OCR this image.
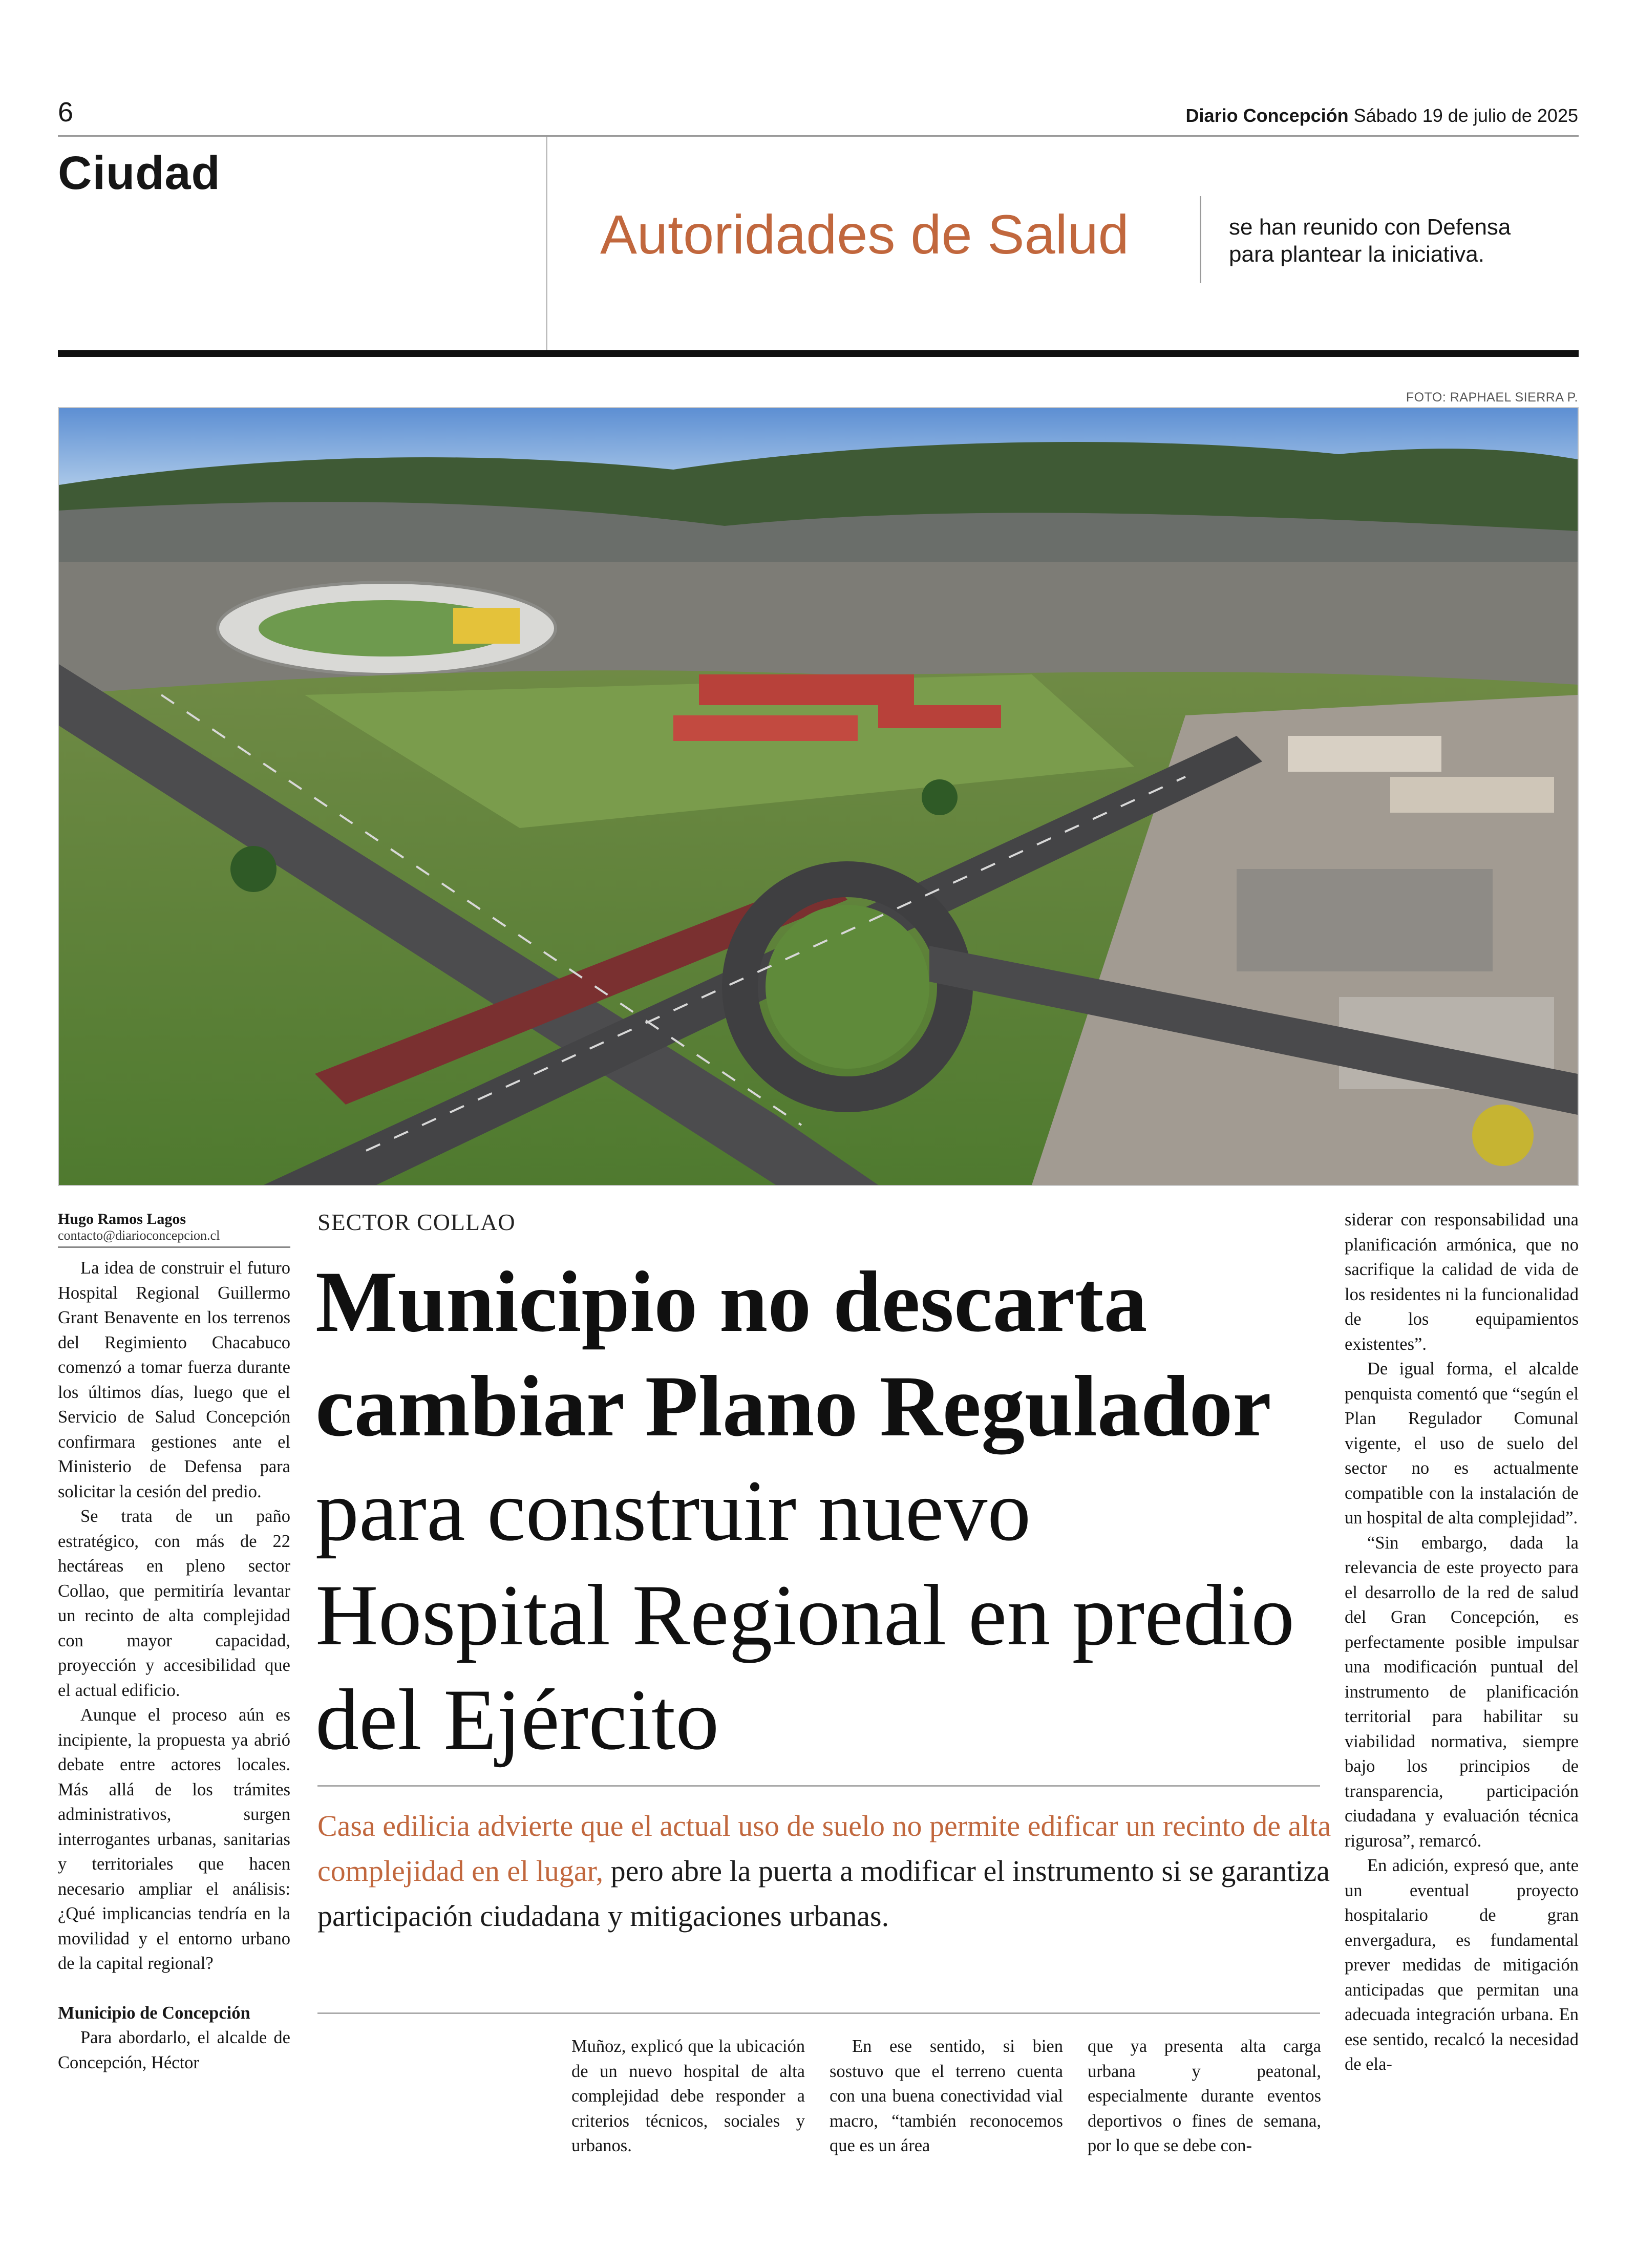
6	Diario Concepción Sábado 19 de julio de 2025
Ciudad
Autoridades de Salud	se han reunido con Defensa
para plantear la iniciativa.
FOTO: RAPHAEL SIERRA P.
Hugo Ramos Lagos
contacto@diarioconcepcion.cl

La idea de construir el futuro Hospital Regional Guillermo Grant Benavente en los terrenos del Regimiento Chacabuco comenzó a tomar fuerza durante los últimos días, luego que el Servicio de Salud Concepción confirmara gestiones ante el Ministerio de Defensa para solicitar la cesión del predio.

Se trata de un paño estratégico, con más de 22 hectáreas en pleno sector Collao, que permitiría levantar un recinto de alta complejidad con mayor capacidad, proyección y accesibilidad que el actual edificio.

Aunque el proceso aún es incipiente, la propuesta ya abrió debate entre actores locales. Más allá de los trámites administrativos, surgen interrogantes urbanas, sanitarias y territoriales que hacen necesario ampliar el análisis: ¿Qué implicancias tendría en la movilidad y el entorno urbano de la capital regional?

Municipio de Concepción

Para abordarlo, el alcalde de Concepción, Héctor

SECTOR COLLAO
Municipio no descarta cambiar Plano Regulador para construir nuevo Hospital Regional en predio del Ejército
Casa edilicia advierte que el actual uso de suelo no permite edificar un recinto de alta complejidad en el lugar, pero abre la puerta a modificar el instrumento si se garantiza participación ciudadana y mitigaciones urbanas.

Muñoz, explicó que la ubicación de un nuevo hospital de alta complejidad debe responder a criterios técnicos, sociales y urbanos.

En ese sentido, si bien sostuvo que el terreno cuenta con una buena conectividad vial macro, “también reconocemos que es un área

que ya presenta alta carga urbana y peatonal, especialmente durante eventos deportivos o fines de semana, por lo que se debe con-

siderar con responsabilidad una planificación armónica, que no sacrifique la calidad de vida de los residentes ni la funcionalidad de los equipamientos existentes”.

De igual forma, el alcalde penquista comentó que “según el Plan Regulador Comunal vigente, el uso de suelo del sector no es actualmente compatible con la instalación de un hospital de alta complejidad”.

“Sin embargo, dada la relevancia de este proyecto para el desarrollo de la red de salud del Gran Concepción, es perfectamente posible impulsar una modificación puntual del instrumento de planificación territorial para habilitar su viabilidad normativa, siempre bajo los principios de transparencia, participación ciudadana y evaluación técnica rigurosa”, remarcó.

En adición, expresó que, ante un eventual proyecto hospitalario de gran envergadura, es fundamental prever medidas de mitigación anticipadas que permitan una adecuada integración urbana. En ese sentido, recalcó la necesidad de ela-
